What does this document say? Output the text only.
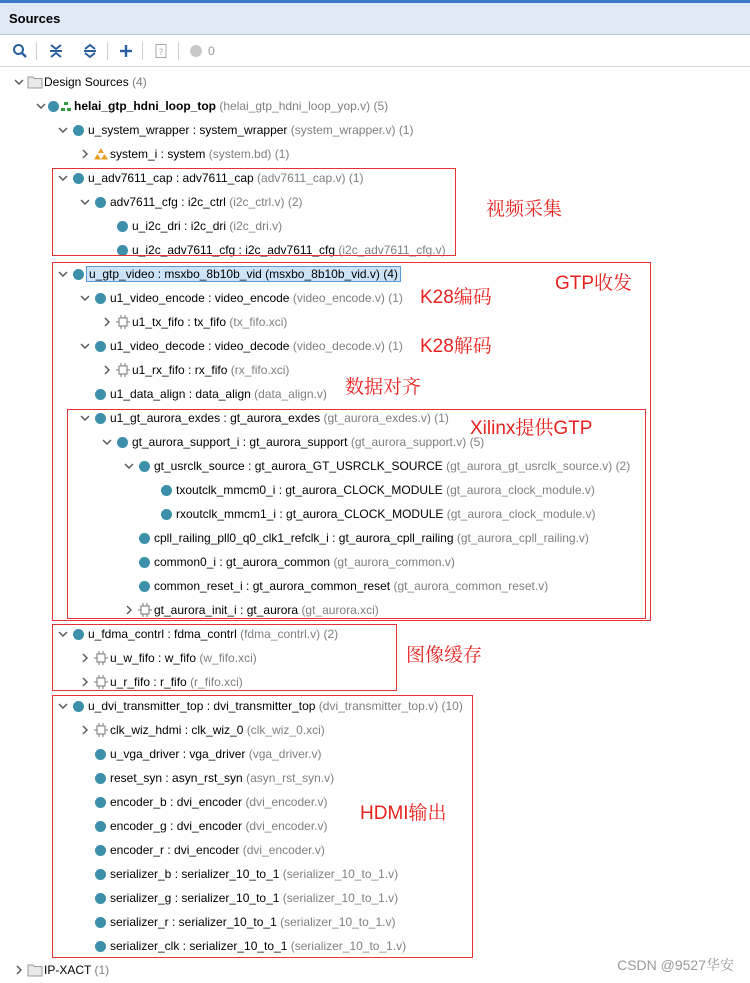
Sources
?	0
Design Sources (4)
helai_gtp_hdni_loop_top (helai_gtp_hdni_loop_yop.v) (5)
u_system_wrapper : system_wrapper (system_wrapper.v) (1)
system_i : system (system.bd) (1)
u_adv7611_cap : adv7611_cap (adv7611_cap.v) (1)
adv7611_cfg : i2c_ctrl (i2c_ctrl.v) (2)
u_i2c_dri : i2c_dri (i2c_dri.v)
u_i2c_adv7611_cfg : i2c_adv7611_cfg (i2c_adv7611_cfg.v)
u_gtp_video : msxbo_8b10b_vid (msxbo_8b10b_vid.v) (4)
u1_video_encode : video_encode (video_encode.v) (1)
u1_tx_fifo : tx_fifo (tx_fifo.xci)
u1_video_decode : video_decode (video_decode.v) (1)
u1_rx_fifo : rx_fifo (rx_fifo.xci)
u1_data_align : data_align (data_align.v)
u1_gt_aurora_exdes : gt_aurora_exdes (gt_aurora_exdes.v) (1)
gt_aurora_support_i : gt_aurora_support (gt_aurora_support.v) (5)
gt_usrclk_source : gt_aurora_GT_USRCLK_SOURCE (gt_aurora_gt_usrclk_source.v) (2)
txoutclk_mmcm0_i : gt_aurora_CLOCK_MODULE (gt_aurora_clock_module.v)
rxoutclk_mmcm1_i : gt_aurora_CLOCK_MODULE (gt_aurora_clock_module.v)
cpll_railing_pll0_q0_clk1_refclk_i : gt_aurora_cpll_railing (gt_aurora_cpll_railing.v)
common0_i : gt_aurora_common (gt_aurora_common.v)
common_reset_i : gt_aurora_common_reset (gt_aurora_common_reset.v)
gt_aurora_init_i : gt_aurora (gt_aurora.xci)
u_fdma_contrl : fdma_contrl (fdma_contrl.v) (2)
u_w_fifo : w_fifo (w_fifo.xci)
u_r_fifo : r_fifo (r_fifo.xci)
u_dvi_transmitter_top : dvi_transmitter_top (dvi_transmitter_top.v) (10)
clk_wiz_hdmi : clk_wiz_0 (clk_wiz_0.xci)
u_vga_driver : vga_driver (vga_driver.v)
reset_syn : asyn_rst_syn (asyn_rst_syn.v)
encoder_b : dvi_encoder (dvi_encoder.v)
encoder_g : dvi_encoder (dvi_encoder.v)
encoder_r : dvi_encoder (dvi_encoder.v)
serializer_b : serializer_10_to_1 (serializer_10_to_1.v)
serializer_g : serializer_10_to_1 (serializer_10_to_1.v)
serializer_r : serializer_10_to_1 (serializer_10_to_1.v)
serializer_clk : serializer_10_to_1 (serializer_10_to_1.v)
IP-XACT (1)
视频采集
GTP收发
K28编码
K28解码
数据对齐
Xilinx提供GTP
图像缓存
HDMI输出
CSDN @9527华安
